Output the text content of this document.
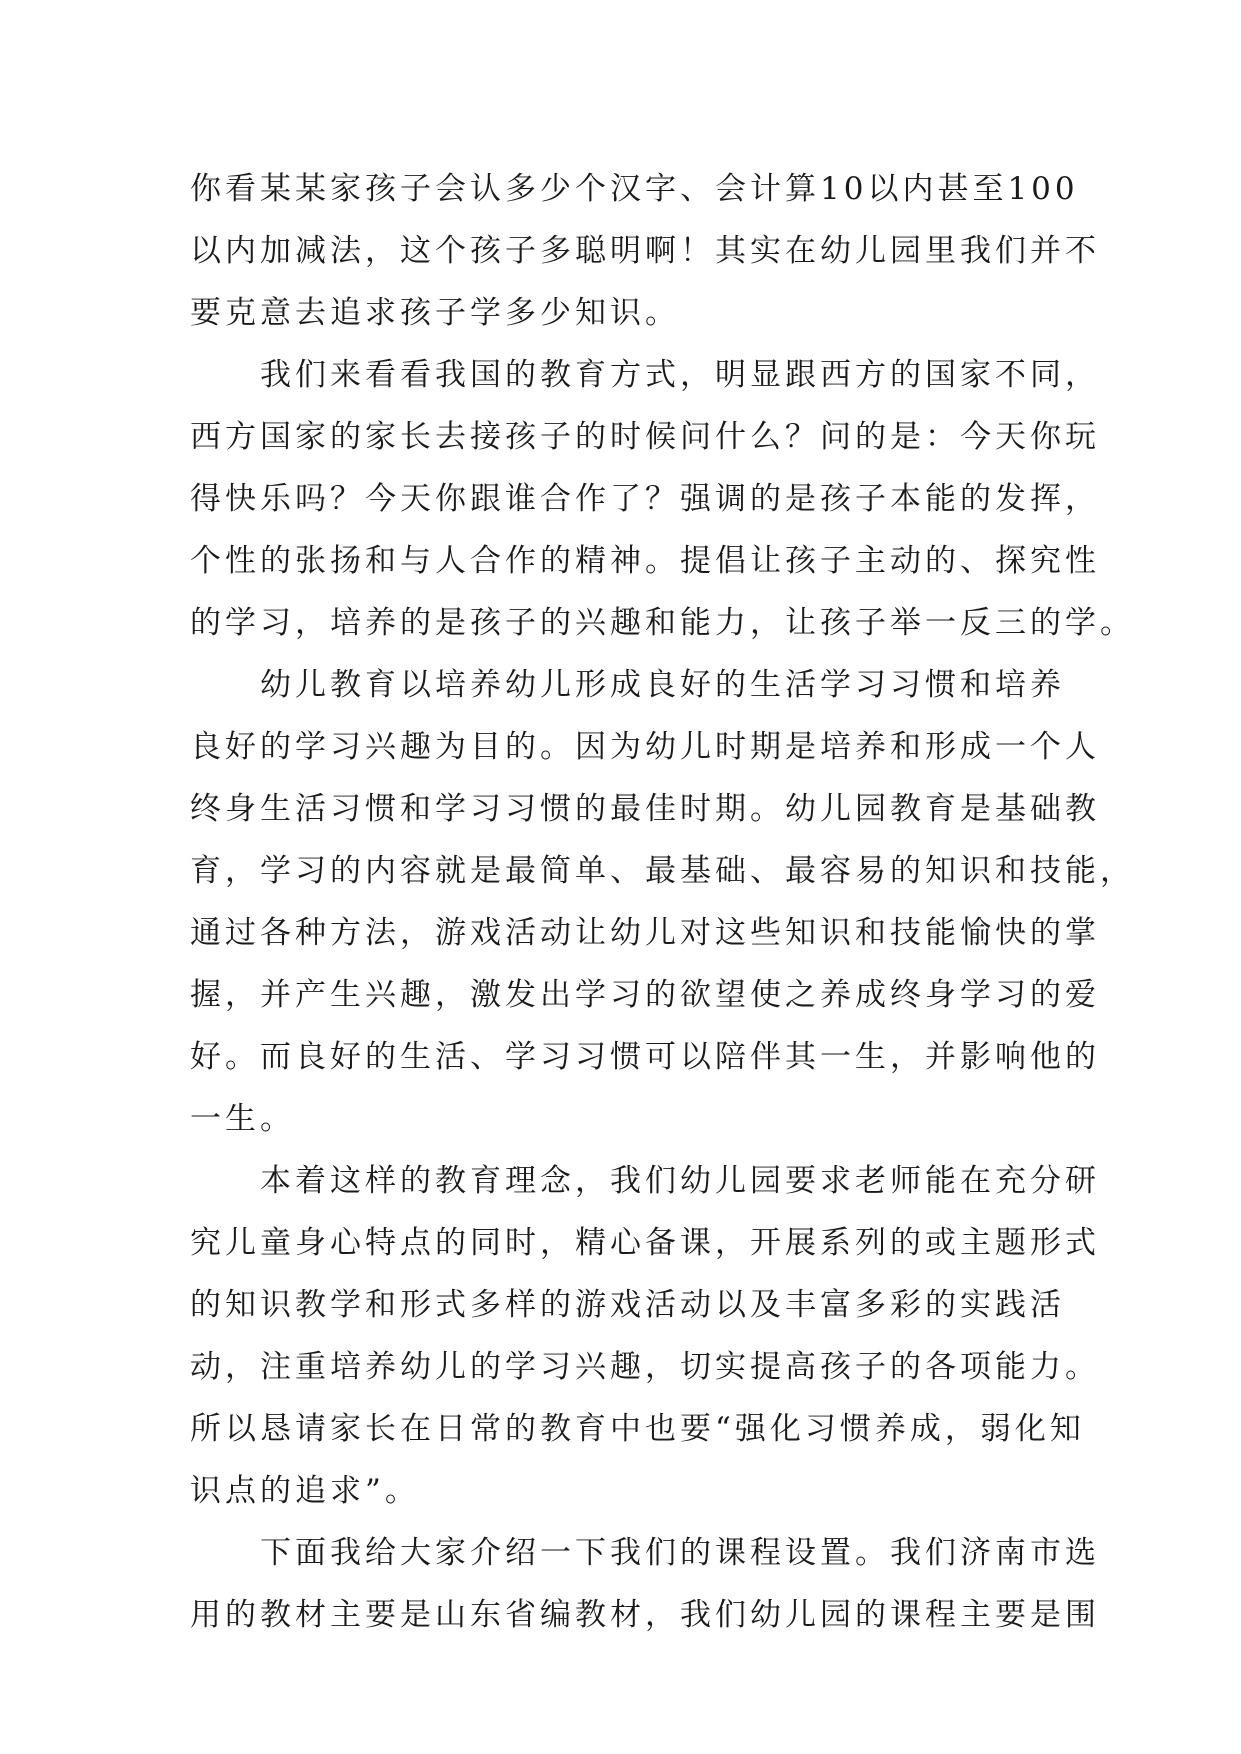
你看某某家孩子会认多少个汉字、会计算10以内甚至100
以内加减法，这个孩子多聪明啊！其实在幼儿园里我们并不
要克意去追求孩子学多少知识。

我们来看看我国的教育方式，明显跟西方的国家不同，
西方国家的家长去接孩子的时候问什么？问的是：今天你玩
得快乐吗？今天你跟谁合作了？强调的是孩子本能的发挥，
个性的张扬和与人合作的精神。提倡让孩子主动的、探究性
的学习，培养的是孩子的兴趣和能力，让孩子举一反三的学。

幼儿教育以培养幼儿形成良好的生活学习习惯和培养
良好的学习兴趣为目的。因为幼儿时期是培养和形成一个人
终身生活习惯和学习习惯的最佳时期。幼儿园教育是基础教
育，学习的内容就是最简单、最基础、最容易的知识和技能，
通过各种方法，游戏活动让幼儿对这些知识和技能愉快的掌
握，并产生兴趣，激发出学习的欲望使之养成终身学习的爱
好。而良好的生活、学习习惯可以陪伴其一生，并影响他的
一生。

本着这样的教育理念，我们幼儿园要求老师能在充分研
究儿童身心特点的同时，精心备课，开展系列的或主题形式
的知识教学和形式多样的游戏活动以及丰富多彩的实践活
动，注重培养幼儿的学习兴趣，切实提高孩子的各项能力。
所以恳请家长在日常的教育中也要“强化习惯养成，弱化知
识点的追求”。

下面我给大家介绍一下我们的课程设置。我们济南市选
用的教材主要是山东省编教材，我们幼儿园的课程主要是围
